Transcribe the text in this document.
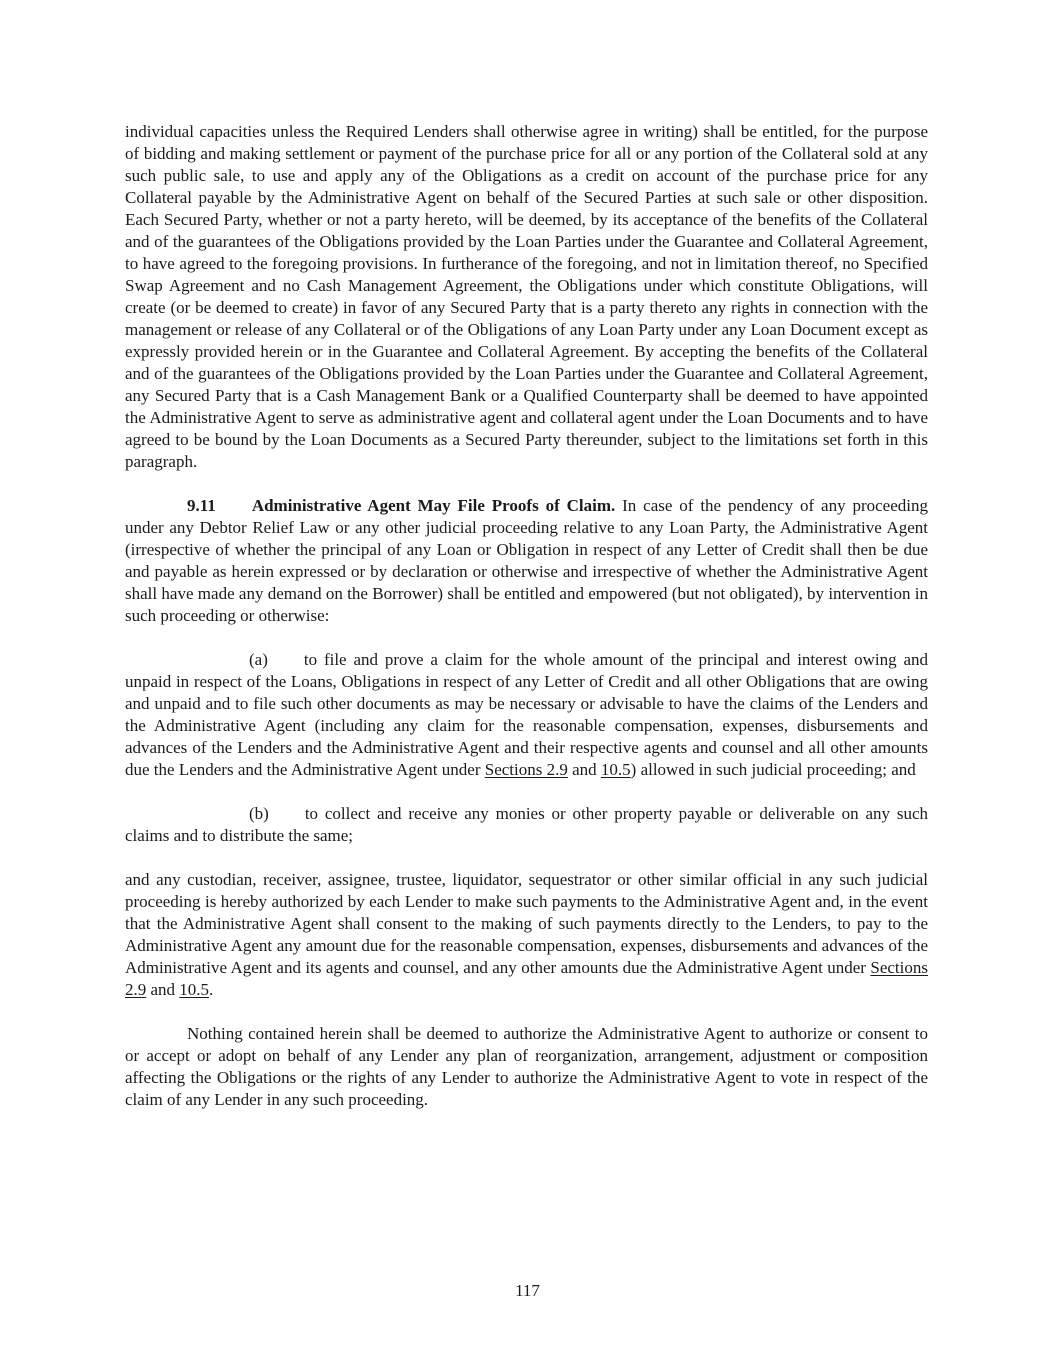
individual capacities unless the Required Lenders shall otherwise agree in writing) shall be entitled, for the purpose of bidding and making settlement or payment of the purchase price for all or any portion of the Collateral sold at any such public sale, to use and apply any of the Obligations as a credit on account of the purchase price for any Collateral payable by the Administrative Agent on behalf of the Secured Parties at such sale or other disposition. Each Secured Party, whether or not a party hereto, will be deemed, by its acceptance of the benefits of the Collateral and of the guarantees of the Obligations provided by the Loan Parties under the Guarantee and Collateral Agreement, to have agreed to the foregoing provisions. In furtherance of the foregoing, and not in limitation thereof, no Specified Swap Agreement and no Cash Management Agreement, the Obligations under which constitute Obligations, will create (or be deemed to create) in favor of any Secured Party that is a party thereto any rights in connection with the management or release of any Collateral or of the Obligations of any Loan Party under any Loan Document except as expressly provided herein or in the Guarantee and Collateral Agreement. By accepting the benefits of the Collateral and of the guarantees of the Obligations provided by the Loan Parties under the Guarantee and Collateral Agreement, any Secured Party that is a Cash Management Bank or a Qualified Counterparty shall be deemed to have appointed the Administrative Agent to serve as administrative agent and collateral agent under the Loan Documents and to have agreed to be bound by the Loan Documents as a Secured Party thereunder, subject to the limitations set forth in this paragraph.

9.11 Administrative Agent May File Proofs of Claim. In case of the pendency of any proceeding under any Debtor Relief Law or any other judicial proceeding relative to any Loan Party, the Administrative Agent (irrespective of whether the principal of any Loan or Obligation in respect of any Letter of Credit shall then be due and payable as herein expressed or by declaration or otherwise and irrespective of whether the Administrative Agent shall have made any demand on the Borrower) shall be entitled and empowered (but not obligated), by intervention in such proceeding or otherwise:

(a) to file and prove a claim for the whole amount of the principal and interest owing and unpaid in respect of the Loans, Obligations in respect of any Letter of Credit and all other Obligations that are owing and unpaid and to file such other documents as may be necessary or advisable to have the claims of the Lenders and the Administrative Agent (including any claim for the reasonable compensation, expenses, disbursements and advances of the Lenders and the Administrative Agent and their respective agents and counsel and all other amounts due the Lenders and the Administrative Agent under Sections 2.9 and 10.5) allowed in such judicial proceeding; and

(b) to collect and receive any monies or other property payable or deliverable on any such claims and to distribute the same;

and any custodian, receiver, assignee, trustee, liquidator, sequestrator or other similar official in any such judicial proceeding is hereby authorized by each Lender to make such payments to the Administrative Agent and, in the event that the Administrative Agent shall consent to the making of such payments directly to the Lenders, to pay to the Administrative Agent any amount due for the reasonable compensation, expenses, disbursements and advances of the Administrative Agent and its agents and counsel, and any other amounts due the Administrative Agent under Sections 2.9 and 10.5.

Nothing contained herein shall be deemed to authorize the Administrative Agent to authorize or consent to or accept or adopt on behalf of any Lender any plan of reorganization, arrangement, adjustment or composition affecting the Obligations or the rights of any Lender to authorize the Administrative Agent to vote in respect of the claim of any Lender in any such proceeding.

117
